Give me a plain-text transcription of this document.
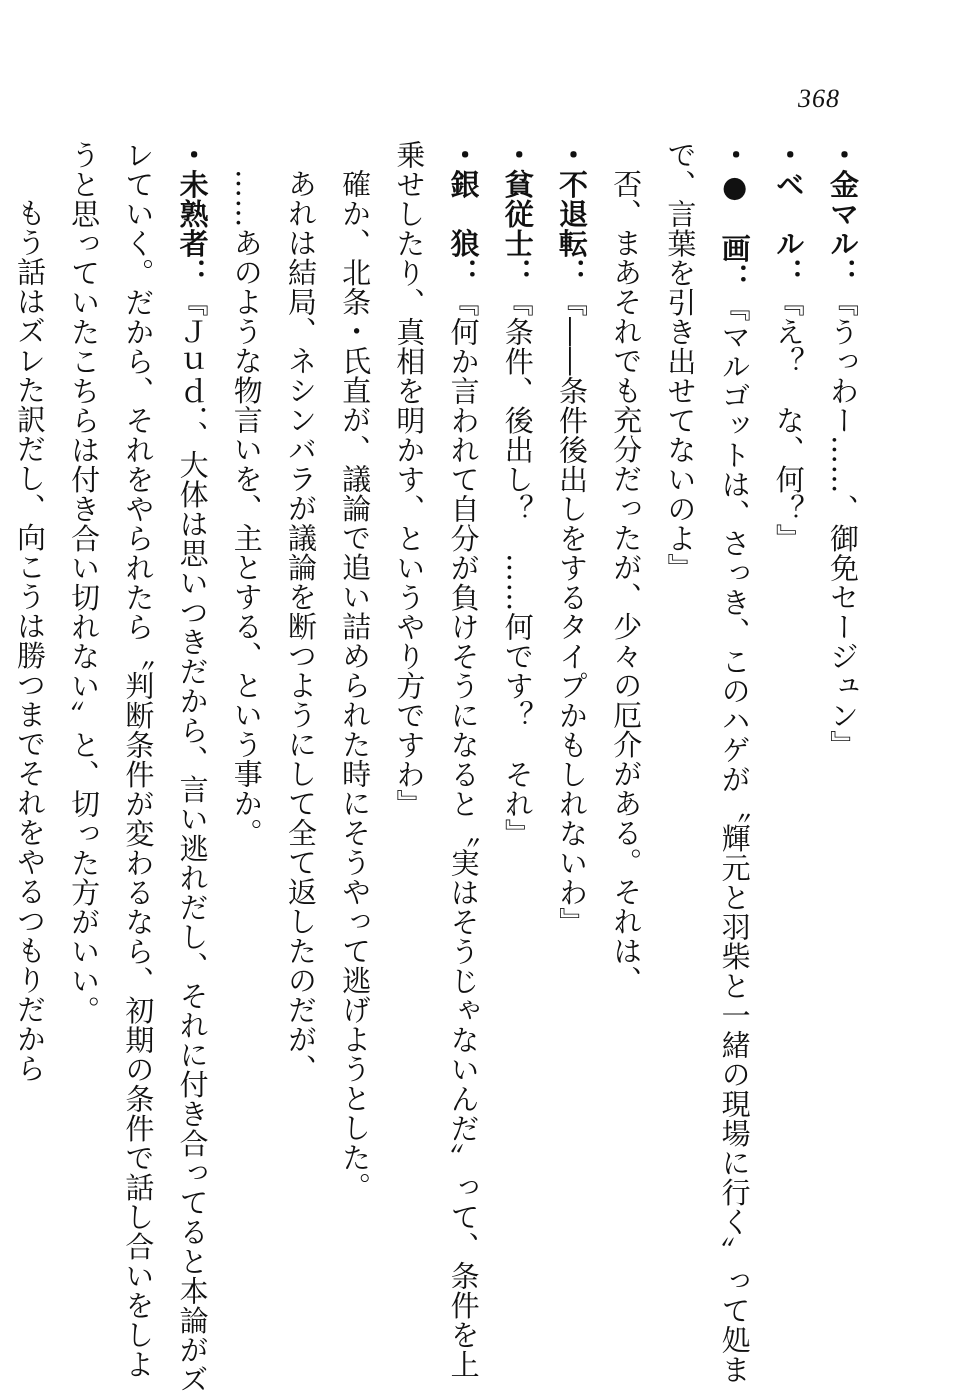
368
・金マル：『うっわー……、御免セージュン』
・ベ　ル：『え？　な、何？』
・●　画：『マルゴットは、さっき、このハゲが〝輝元と羽柴と一緒の現場に行く〟って処ま
で、言葉を引き出せてないのよ』
否、まあそれでも充分だったが、少々の厄介がある。それは、
・不退転：『――条件後出しをするタイプかもしれないわ』
・貧従士：『条件、後出し？　……何です？　それ』
・銀　狼：『何か言われて自分が負けそうになると〝実はそうじゃないんだ〟って、条件を上
乗せしたり、真相を明かす、というやり方ですわ』
確か、北条・氏直が、議論で追い詰められた時にそうやって逃げようとした。
あれは結局、ネシンバラが議論を断つようにして全て返したのだが、
……あのような物言いを、主とする、という事か。
・未熟者：『Ｊｕｄ．、大体は思いつきだから、言い逃れだし、それに付き合ってると本論がズ
レていく。だから、それをやられたら〝判断条件が変わるなら、初期の条件で話し合いをしよ
うと思っていたこちらは付き合い切れない〟と、切った方がいい。
もう話はズレた訳だし、向こうは勝つまでそれをやるつもりだから
